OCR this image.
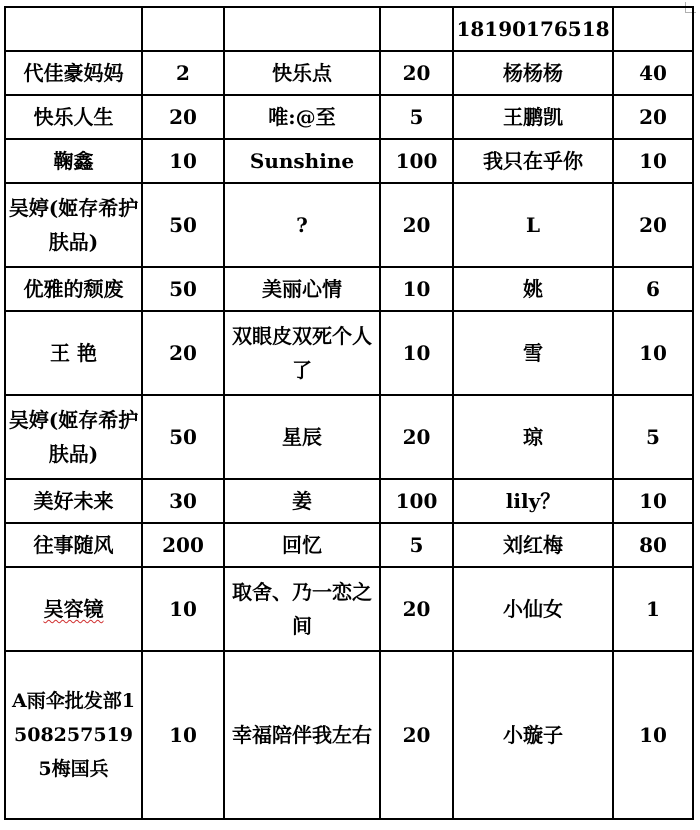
				18190176518	
代佳豪妈妈	2	快乐点	20	杨杨杨	40
快乐人生	20	唯:@至	5	王鹏凯	20
鞠鑫	10	Sunshine	100	我只在乎你	10
吴婷(姬存希护肤品)	50	?	20	L	20
优雅的颓废	50	美丽心情	10	姚	6
王 艳	20	双眼皮双死个人了	10	雪	10
吴婷(姬存希护肤品)	50	星辰	20	琼	5
美好未来	30	姜	100	lily？	10
往事随风	200	回忆	5	刘红梅	80
吴容镜	10	取舍、乃一恋之间	20	小仙女	1
A雨伞批发部15082575195梅国兵	10	幸福陪伴我左右	20	小璇子	10
